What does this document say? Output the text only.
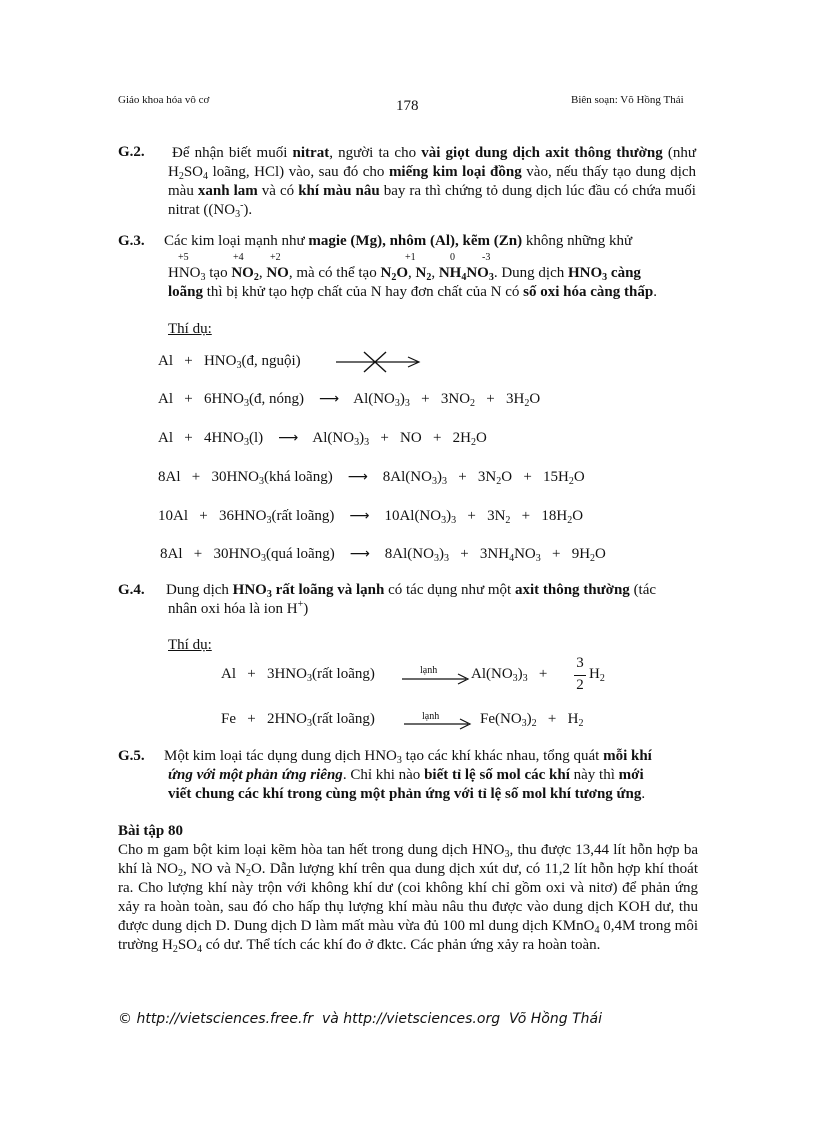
Giáo khoa hóa vô cơ	178	Biên soạn: Võ Hồng Thái
G.2. Để nhận biết muối nitrat, người ta cho vài giọt dung dịch axit thông thường (như $H_2SO_4$ loãng, HCl) vào, sau đó cho miếng kim loại đồng vào, nếu thấy tạo dung dịch màu xanh lam và có khí màu nâu bay ra thì chứng tỏ dung dịch lúc đầu có chứa muối nitrat ($(NO_3^-)$.
G.3. Các kim loại mạnh như magie (Mg), nhôm (Al), kẽm (Zn) không những khử
+5	+4	+2	+1	0	-3
$HNO_3$ tạo $NO_2$, NO, mà có thể tạo $N_2O$, $N_2$, $NH_4NO_3$. Dung dịch $HNO_3$ càng
loãng thì bị khử tạo hợp chất của N hay đơn chất của N có số oxi hóa càng thấp.
Thí dụ:
$Al + HNO_3(đ$, nguội)
$Al + 6HNO_3(đ$, nóng) ⟶ $Al(NO_3)_3 + 3NO_2 + 3H_2O$
$Al + 4HNO_3(l)$ ⟶ $Al(NO_3)_3$   +   NO   +   $2H_2O$
$8Al + 30HNO_3(khá$ loãng) ⟶ $8Al(NO_3)_3 + 3N_2O + 15H_2O$
$10Al + 36HNO_3(rất$ loãng) ⟶ $10Al(NO_3)_3 + 3N_2 + 18H_2O$
$8Al + 30HNO_3(quá$ loãng) ⟶ $8Al(NO_3)_3 + 3NH_4NO_3 + 9H_2O$
G.4. Dung dịch $HNO_3$ rất loãng và lạnh có tác dụng như một axit thông thường (tác
nhân oxi hóa là ion H+)
Thí dụ:
$Al + 3HNO_3(rất$ loãng)	lạnh $Al(NO_3)_3$   +
3
2
$H_2$
$Fe + 2HNO_3(rất$ loãng)	lạnh	$Fe(NO_3)_2 + H_2$
G.5. Một kim loại tác dụng dung dịch $HNO_3$ tạo các khí khác nhau, tổng quát mỗi khí
ứng với một phản ứng riêng. Chỉ khi nào biết tỉ lệ số mol các khí này thì mới
viết chung các khí trong cùng một phản ứng với tỉ lệ số mol khí tương ứng.
Bài tập 80
Cho m gam bột kim loại kẽm hòa tan hết trong dung dịch $HNO_3$, thu được 13,44 lít hỗn hợp ba khí là $NO_2$, NO và $N_2O$. Dẫn lượng khí trên qua dung dịch xút dư, có 11,2 lít hỗn hợp khí thoát ra. Cho lượng khí này trộn với không khí dư (coi không khí chỉ gồm oxi và nitơ) để phản ứng xảy ra hoàn toàn, sau đó cho hấp thụ lượng khí màu nâu thu được vào dung dịch KOH dư, thu được dung dịch D. Dung dịch D làm mất màu vừa đủ 100 ml dung dịch KMnO$_4$ 0,4M trong môi trường $H_2SO_4$ có dư. Thể tích các khí đo ở đktc. Các phản ứng xảy ra hoàn toàn.
© http://vietsciences.free.fr  và http://vietsciences.org  Võ Hồng Thái
